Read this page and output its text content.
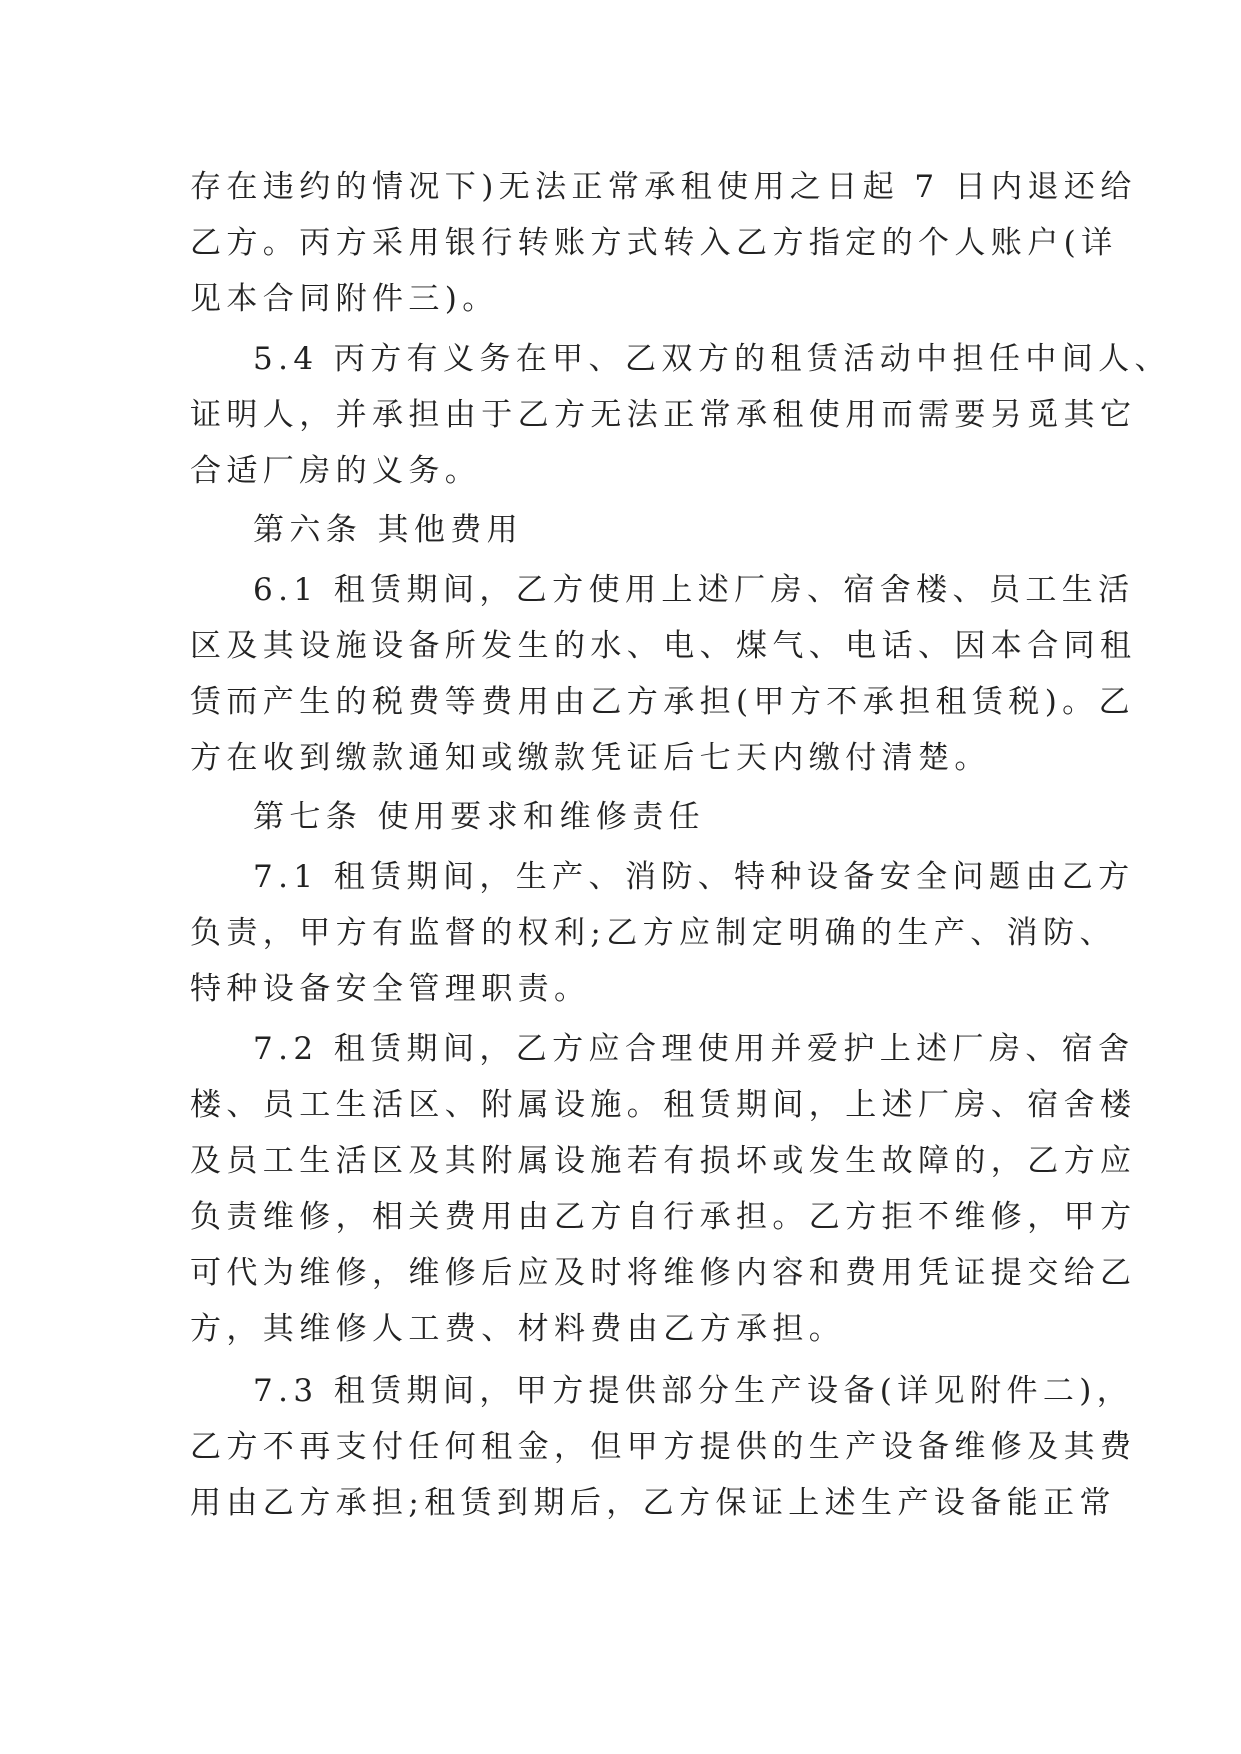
存在违约的情况下)无法正常承租使用之日起 7 日内退还给
乙方。丙方采用银行转账方式转入乙方指定的个人账户(详
见本合同附件三)。
5.4 丙方有义务在甲、乙双方的租赁活动中担任中间人、
证明人，并承担由于乙方无法正常承租使用而需要另觅其它
合适厂房的义务。
第六条 其他费用
6.1 租赁期间，乙方使用上述厂房、宿舍楼、员工生活
区及其设施设备所发生的水、电、煤气、电话、因本合同租
赁而产生的税费等费用由乙方承担(甲方不承担租赁税)。乙
方在收到缴款通知或缴款凭证后七天内缴付清楚。
第七条 使用要求和维修责任
7.1 租赁期间，生产、消防、特种设备安全问题由乙方
负责，甲方有监督的权利;乙方应制定明确的生产、消防、
特种设备安全管理职责。
7.2 租赁期间，乙方应合理使用并爱护上述厂房、宿舍
楼、员工生活区、附属设施。租赁期间，上述厂房、宿舍楼
及员工生活区及其附属设施若有损坏或发生故障的，乙方应
负责维修，相关费用由乙方自行承担。乙方拒不维修，甲方
可代为维修，维修后应及时将维修内容和费用凭证提交给乙
方，其维修人工费、材料费由乙方承担。
7.3 租赁期间，甲方提供部分生产设备(详见附件二)，
乙方不再支付任何租金，但甲方提供的生产设备维修及其费
用由乙方承担;租赁到期后，乙方保证上述生产设备能正常
